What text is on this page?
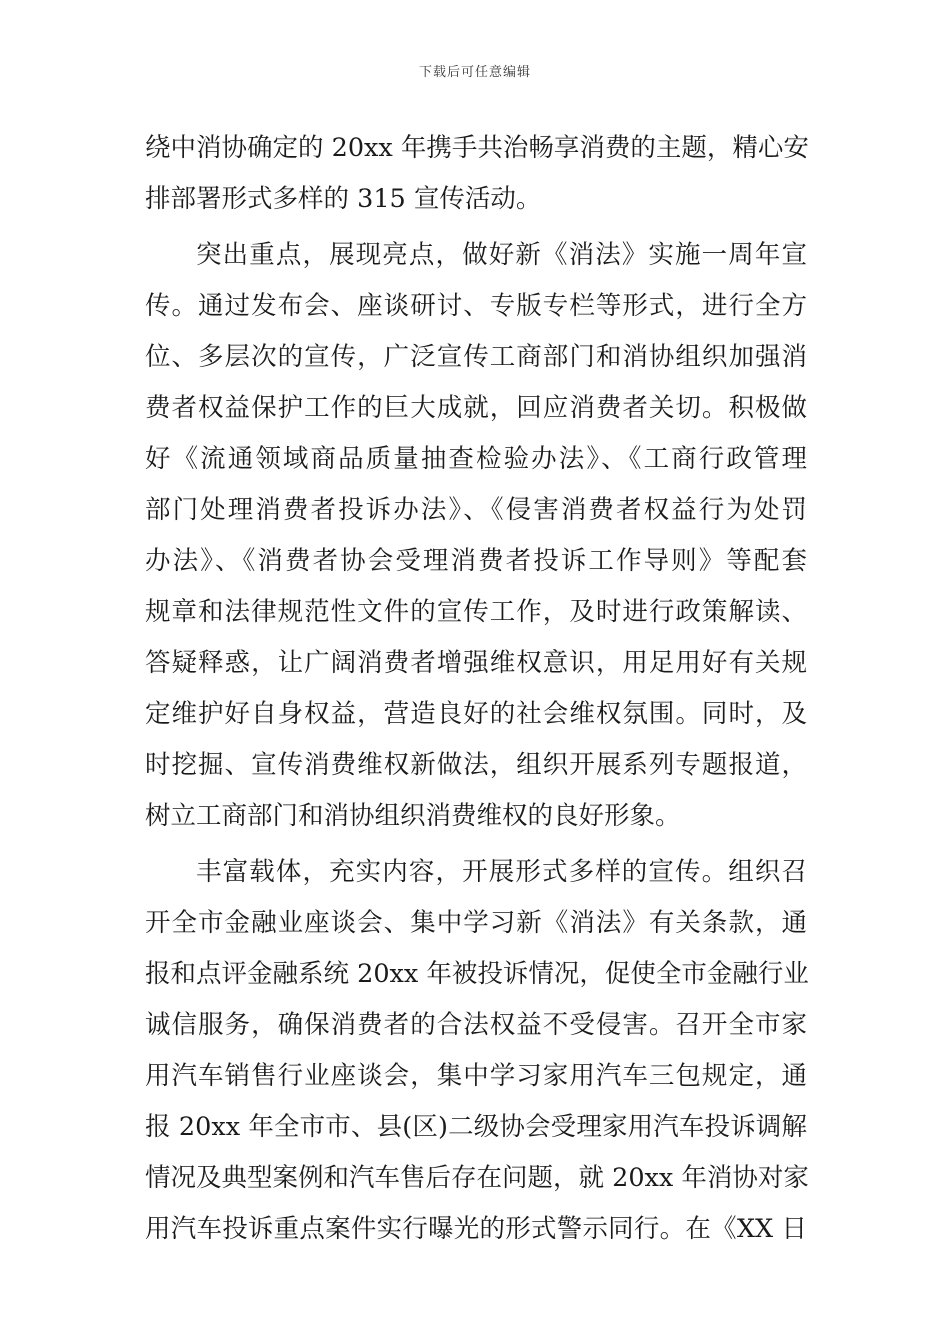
下载后可任意编辑
绕中消协确定的 20xx 年携手共治畅享消费的主题，精心安
排部署形式多样的 315 宣传活动。
突出重点，展现亮点，做好新《消法》实施一周年宣
传。通过发布会、座谈研讨、专版专栏等形式，进行全方
位、多层次的宣传，广泛宣传工商部门和消协组织加强消
费者权益保护工作的巨大成就，回应消费者关切。积极做
好《流通领域商品质量抽查检验办法》、《工商行政管理
部门处理消费者投诉办法》、《侵害消费者权益行为处罚
办法》、《消费者协会受理消费者投诉工作导则》等配套
规章和法律规范性文件的宣传工作，及时进行政策解读、
答疑释惑，让广阔消费者增强维权意识，用足用好有关规
定维护好自身权益，营造良好的社会维权氛围。同时，及
时挖掘、宣传消费维权新做法，组织开展系列专题报道，
树立工商部门和消协组织消费维权的良好形象。
丰富载体，充实内容，开展形式多样的宣传。组织召
开全市金融业座谈会、集中学习新《消法》有关条款，通
报和点评金融系统 20xx 年被投诉情况，促使全市金融行业
诚信服务，确保消费者的合法权益不受侵害。召开全市家
用汽车销售行业座谈会，集中学习家用汽车三包规定，通
报 20xx 年全市市、县(区)二级协会受理家用汽车投诉调解
情况及典型案例和汽车售后存在问题，就 20xx 年消协对家
用汽车投诉重点案件实行曝光的形式警示同行。在《XX 日
